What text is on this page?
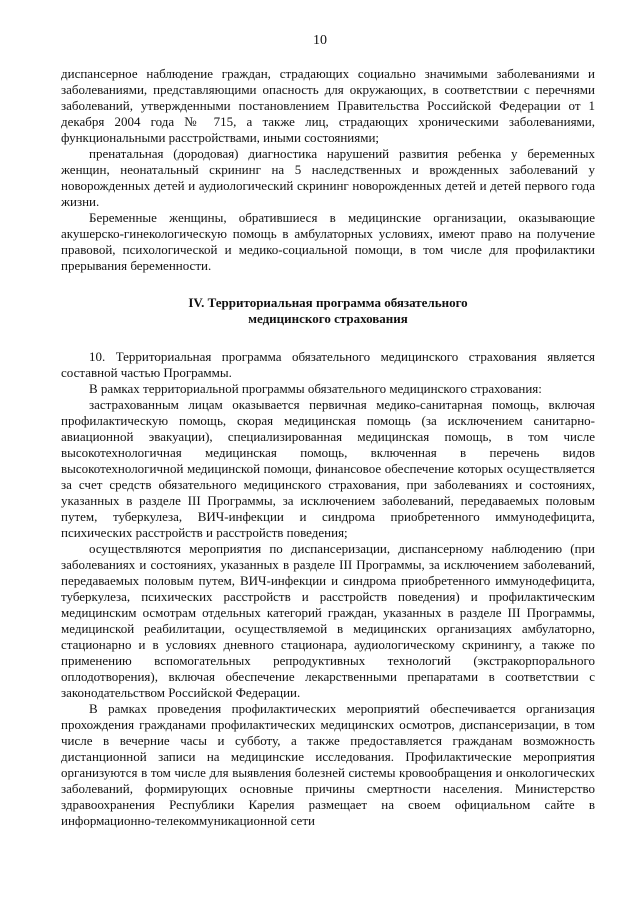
10

диспансерное наблюдение граждан, страдающих социально значимыми заболеваниями и заболеваниями, представляющими опасность для окружающих, в соответствии с перечнями заболеваний, утвержденными постановлением Правительства Российской Федерации от 1 декабря 2004 года № 715, а также лиц, страдающих хроническими заболеваниями, функциональными расстройствами, иными состояниями;

пренатальная (дородовая) диагностика нарушений развития ребенка у беременных женщин, неонатальный скрининг на 5 наследственных и врожденных заболеваний у новорожденных детей и аудиологический скрининг новорожденных детей и детей первого года жизни.

Беременные женщины, обратившиеся в медицинские организации, оказывающие акушерско-гинекологическую помощь в амбулаторных условиях, имеют право на получение правовой, психологической и медико-социальной помощи, в том числе для профилактики прерывания беременности.

IV. Территориальная программа обязательного
медицинского страхования

10. Территориальная программа обязательного медицинского страхования является составной частью Программы.

В рамках территориальной программы обязательного медицинского страхования:

застрахованным лицам оказывается первичная медико-санитарная помощь, включая профилактическую помощь, скорая медицинская помощь (за исключением санитарно-авиационной эвакуации), специализированная медицинская помощь, в том числе высокотехнологичная медицинская помощь, включенная в перечень видов высокотехнологичной медицинской помощи, финансовое обеспечение которых осуществляется за счет средств обязательного медицинского страхования, при заболеваниях и состояниях, указанных в разделе III Программы, за исключением заболеваний, передаваемых половым путем, туберкулеза, ВИЧ-инфекции и синдрома приобретенного иммунодефицита, психических расстройств и расстройств поведения;

осуществляются мероприятия по диспансеризации, диспансерному наблюдению (при заболеваниях и состояниях, указанных в разделе III Программы, за исключением заболеваний, передаваемых половым путем, ВИЧ-инфекции и синдрома приобретенного иммунодефицита, туберкулеза, психических расстройств и расстройств поведения) и профилактическим медицинским осмотрам отдельных категорий граждан, указанных в разделе III Программы, медицинской реабилитации, осуществляемой в медицинских организациях амбулаторно, стационарно и в условиях дневного стационара, аудиологическому скринингу, а также по применению вспомогательных репродуктивных технологий (экстракорпорального оплодотворения), включая обеспечение лекарственными препаратами в соответствии с законодательством Российской Федерации.

В рамках проведения профилактических мероприятий обеспечивается организация прохождения гражданами профилактических медицинских осмотров, диспансеризации, в том числе в вечерние часы и субботу, а также предоставляется гражданам возможность дистанционной записи на медицинские исследования. Профилактические мероприятия организуются в том числе для выявления болезней системы кровообращения и онкологических заболеваний, формирующих основные причины смертности населения. Министерство здравоохранения Республики Карелия размещает на своем официальном сайте в информационно-телекоммуникационной сети
